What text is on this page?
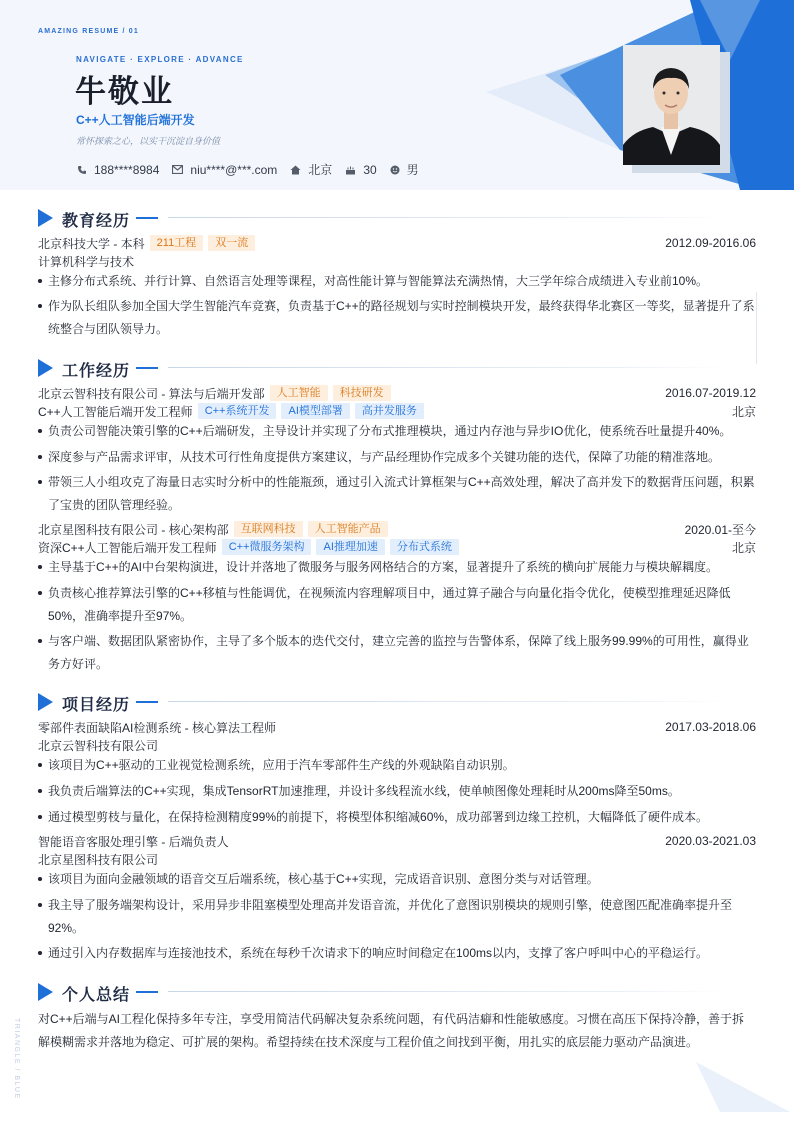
AMAZING RESUME / 01
NAVIGATE · EXPLORE · ADVANCE
牛敬业
C++人工智能后端开发
常怀探索之心，以实干沉淀自身价值
188****8984	niu****@***.com	北京	30	男
教育经历
北京科技大学 - 本科	211工程	双一流	2012.09-2016.06
计算机科学与技术
主修分布式系统、并行计算、自然语言处理等课程，对高性能计算与智能算法充满热情，大三学年综合成绩进入专业前10%。
作为队长组队参加全国大学生智能汽车竞赛，负责基于C++的路径规划与实时控制模块开发，最终获得华北赛区一等奖，显著提升了系统整合与团队领导力。
工作经历
北京云智科技有限公司 - 算法与后端开发部	人工智能	科技研发	2016.07-2019.12
C++人工智能后端开发工程师	C++系统开发	AI模型部署	高并发服务	北京
负责公司智能决策引擎的C++后端研发，主导设计并实现了分布式推理模块，通过内存池与异步IO优化，使系统吞吐量提升40%。
深度参与产品需求评审，从技术可行性角度提供方案建议，与产品经理协作完成多个关键功能的迭代，保障了功能的精准落地。
带领三人小组攻克了海量日志实时分析中的性能瓶颈，通过引入流式计算框架与C++高效处理，解决了高并发下的数据背压问题，积累了宝贵的团队管理经验。
北京星图科技有限公司 - 核心架构部	互联网科技	人工智能产品	2020.01-至今
资深C++人工智能后端开发工程师	C++微服务架构	AI推理加速	分布式系统	北京
主导基于C++的AI中台架构演进，设计并落地了微服务与服务网格结合的方案，显著提升了系统的横向扩展能力与模块解耦度。
负责核心推荐算法引擎的C++移植与性能调优，在视频流内容理解项目中，通过算子融合与向量化指令优化，使模型推理延迟降低50%，准确率提升至97%。
与客户端、数据团队紧密协作，主导了多个版本的迭代交付，建立完善的监控与告警体系，保障了线上服务99.99%的可用性，赢得业务方好评。
项目经历
零部件表面缺陷AI检测系统 - 核心算法工程师	2017.03-2018.06
北京云智科技有限公司
该项目为C++驱动的工业视觉检测系统，应用于汽车零部件生产线的外观缺陷自动识别。
我负责后端算法的C++实现，集成TensorRT加速推理，并设计多线程流水线，使单帧图像处理耗时从200ms降至50ms。
通过模型剪枝与量化，在保持检测精度99%的前提下，将模型体积缩减60%，成功部署到边缘工控机，大幅降低了硬件成本。
智能语音客服处理引擎 - 后端负责人	2020.03-2021.03
北京星图科技有限公司
该项目为面向金融领域的语音交互后端系统，核心基于C++实现，完成语音识别、意图分类与对话管理。
我主导了服务端架构设计，采用异步非阻塞模型处理高并发语音流，并优化了意图识别模块的规则引擎，使意图匹配准确率提升至92%。
通过引入内存数据库与连接池技术，系统在每秒千次请求下的响应时间稳定在100ms以内，支撑了客户呼叫中心的平稳运行。
个人总结
对C++后端与AI工程化保持多年专注，享受用简洁代码解决复杂系统问题，有代码洁癖和性能敏感度。习惯在高压下保持冷静，善于拆解模糊需求并落地为稳定、可扩展的架构。希望持续在技术深度与工程价值之间找到平衡，用扎实的底层能力驱动产品演进。
TRIANGLE / BLUE
